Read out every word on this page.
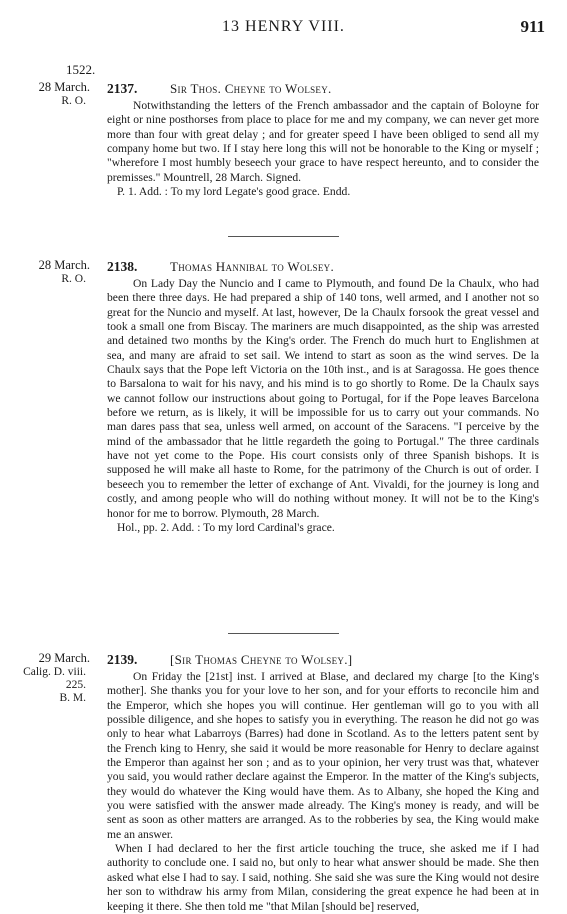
13 HENRY VIII.	911
1522.
28 March.
R. O.
2137.	Sir Thos. Cheyne to Wolsey.

Notwithstanding the letters of the French ambassador and the captain of Boloyne for eight or nine posthorses from place to place for me and my company, we can never get more more than four with great delay ; and for greater speed I have been obliged to send all my company home but two. If I stay here long this will not be honorable to the King or myself ; "wherefore I most humbly beseech your grace to have respect hereunto, and to consider the premisses." Mountrell, 28 March. Signed.

P. 1. Add. : To my lord Legate's good grace. Endd.

28 March.
R. O.
2138.	Thomas Hannibal to Wolsey.

On Lady Day the Nuncio and I came to Plymouth, and found De la Chaulx, who had been there three days. He had prepared a ship of 140 tons, well armed, and I another not so great for the Nuncio and myself. At last, however, De la Chaulx forsook the great vessel and took a small one from Biscay. The mariners are much disappointed, as the ship was arrested and detained two months by the King's order. The French do much hurt to Englishmen at sea, and many are afraid to set sail. We intend to start as soon as the wind serves. De la Chaulx says that the Pope left Victoria on the 10th inst., and is at Saragossa. He goes thence to Barsalona to wait for his navy, and his mind is to go shortly to Rome. De la Chaulx says we cannot follow our instructions about going to Portugal, for if the Pope leaves Barcelona before we return, as is likely, it will be impossible for us to carry out your commands. No man dares pass that sea, unless well armed, on account of the Saracens. "I perceive by the mind of the ambassador that he little regardeth the going to Portugal." The three cardinals have not yet come to the Pope. His court consists only of three Spanish bishops. It is supposed he will make all haste to Rome, for the patrimony of the Church is out of order. I beseech you to remember the letter of exchange of Ant. Vivaldi, for the journey is long and costly, and among people who will do nothing without money. It will not be to the King's honor for me to borrow. Plymouth, 28 March.

Hol., pp. 2. Add. : To my lord Cardinal's grace.

29 March.
Calig. D. viii.
225.
B. M.
2139.	[Sir Thomas Cheyne to Wolsey.]

On Friday the [21st] inst. I arrived at Blase, and declared my charge [to the King's mother]. She thanks you for your love to her son, and for your efforts to reconcile him and the Emperor, which she hopes you will continue. Her gentleman will go to you with all possible diligence, and she hopes to satisfy you in everything. The reason he did not go was only to hear what Labarroys (Barres) had done in Scotland. As to the letters patent sent by the French king to Henry, she said it would be more reasonable for Henry to declare against the Emperor than against her son ; and as to your opinion, her very trust was that, whatever you said, you would rather declare against the Emperor. In the matter of the King's subjects, they would do whatever the King would have them. As to Albany, she hoped the King and you were satisfied with the answer made already. The King's money is ready, and will be sent as soon as other matters are arranged. As to the robberies by sea, the King would make me an answer.

When I had declared to her the first article touching the truce, she asked me if I had authority to conclude one. I said no, but only to hear what answer should be made. She then asked what else I had to say. I said, nothing. She said she was sure the King would not desire her son to withdraw his army from Milan, considering the great expence he had been at in keeping it there. She then told me "that Milan [should be] reserved,
